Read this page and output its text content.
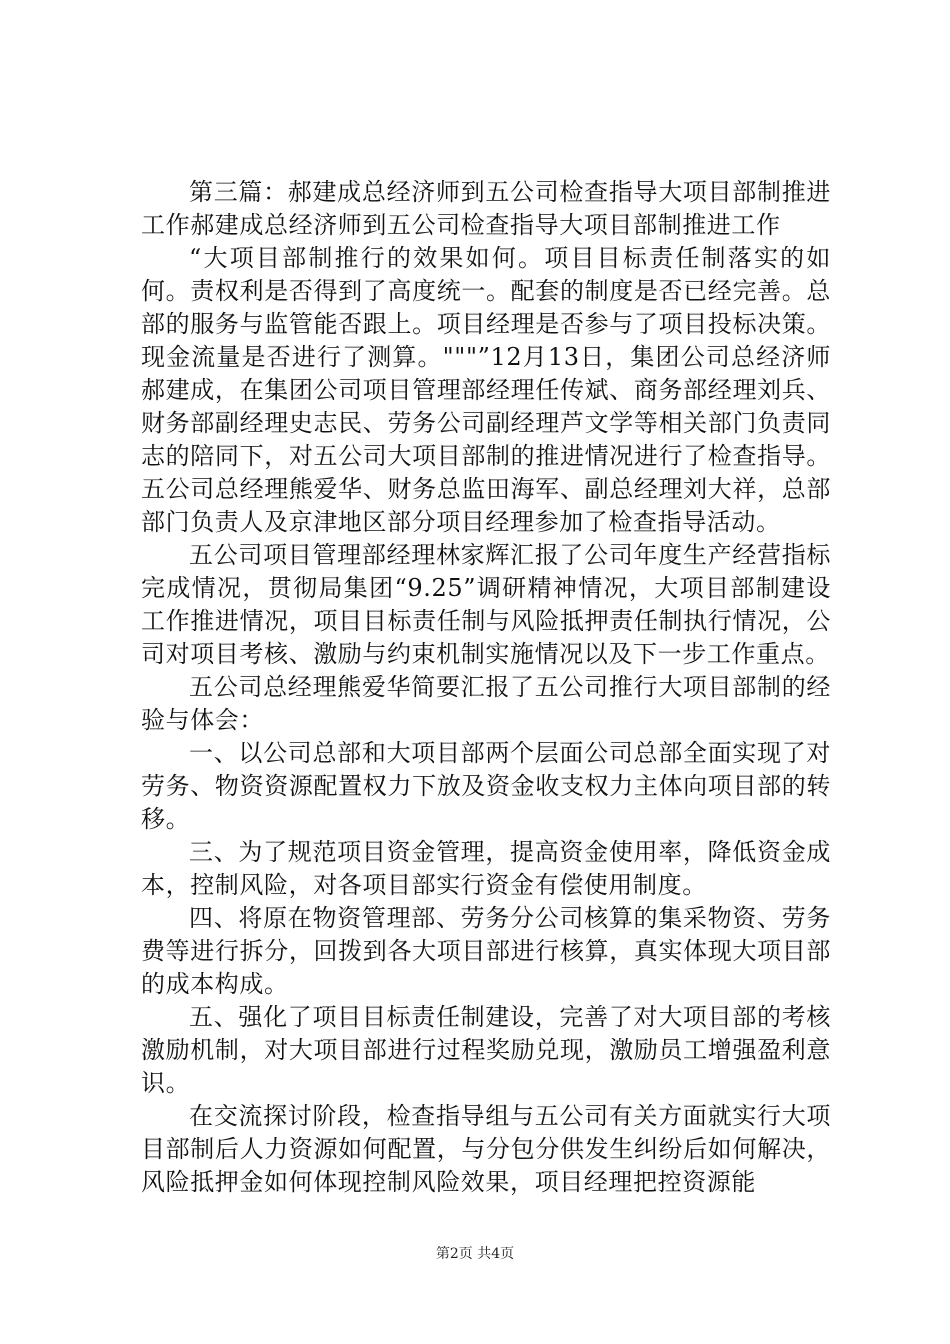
第三篇：郝建成总经济师到五公司检查指导大项目部制推进工作郝建成总经济师到五公司检查指导大项目部制推进工作

“大项目部制推行的效果如何。项目目标责任制落实的如何。责权利是否得到了高度统一。配套的制度是否已经完善。总部的服务与监管能否跟上。项目经理是否参与了项目投标决策。现金流量是否进行了测算。"""”12月13日，集团公司总经济师郝建成，在集团公司项目管理部经理任传斌、商务部经理刘兵、财务部副经理史志民、劳务公司副经理芦文学等相关部门负责同志的陪同下，对五公司大项目部制的推进情况进行了检查指导。五公司总经理熊爱华、财务总监田海军、副总经理刘大祥，总部部门负责人及京津地区部分项目经理参加了检查指导活动。

五公司项目管理部经理林家辉汇报了公司年度生产经营指标完成情况，贯彻局集团“9.25”调研精神情况，大项目部制建设工作推进情况，项目目标责任制与风险抵押责任制执行情况，公司对项目考核、激励与约束机制实施情况以及下一步工作重点。

五公司总经理熊爱华简要汇报了五公司推行大项目部制的经验与体会：

一、以公司总部和大项目部两个层面公司总部全面实现了对劳务、物资资源配置权力下放及资金收支权力主体向项目部的转移。

三、为了规范项目资金管理，提高资金使用率，降低资金成本，控制风险，对各项目部实行资金有偿使用制度。

四、将原在物资管理部、劳务分公司核算的集采物资、劳务费等进行拆分，回拨到各大项目部进行核算，真实体现大项目部的成本构成。

五、强化了项目目标责任制建设，完善了对大项目部的考核激励机制，对大项目部进行过程奖励兑现，激励员工增强盈利意识。

在交流探讨阶段，检查指导组与五公司有关方面就实行大项目部制后人力资源如何配置，与分包分供发生纠纷后如何解决，风险抵押金如何体现控制风险效果，项目经理把控资源能

第2页 共4页
